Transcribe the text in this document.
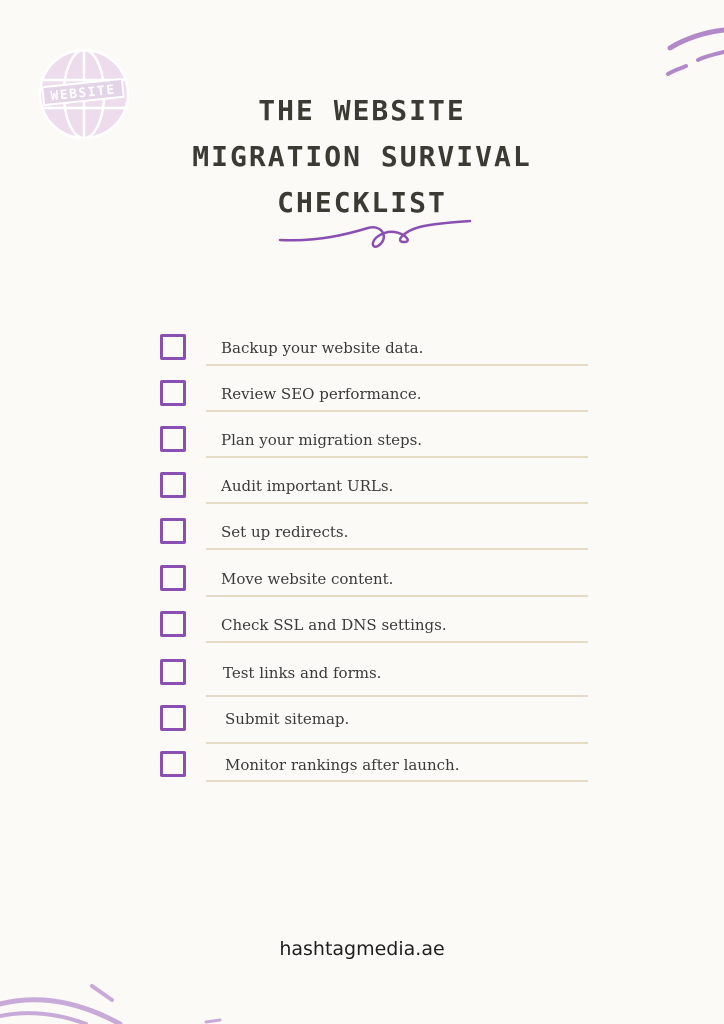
WEBSITE
THE WEBSITE
MIGRATION SURVIVAL
CHECKLIST
Backup your website data.
Review SEO performance.
Plan your migration steps.
Audit important URLs.
Set up redirects.
Move website content.
Check SSL and DNS settings.
Test links and forms.
Submit sitemap.
Monitor rankings after launch.
hashtagmedia.ae
